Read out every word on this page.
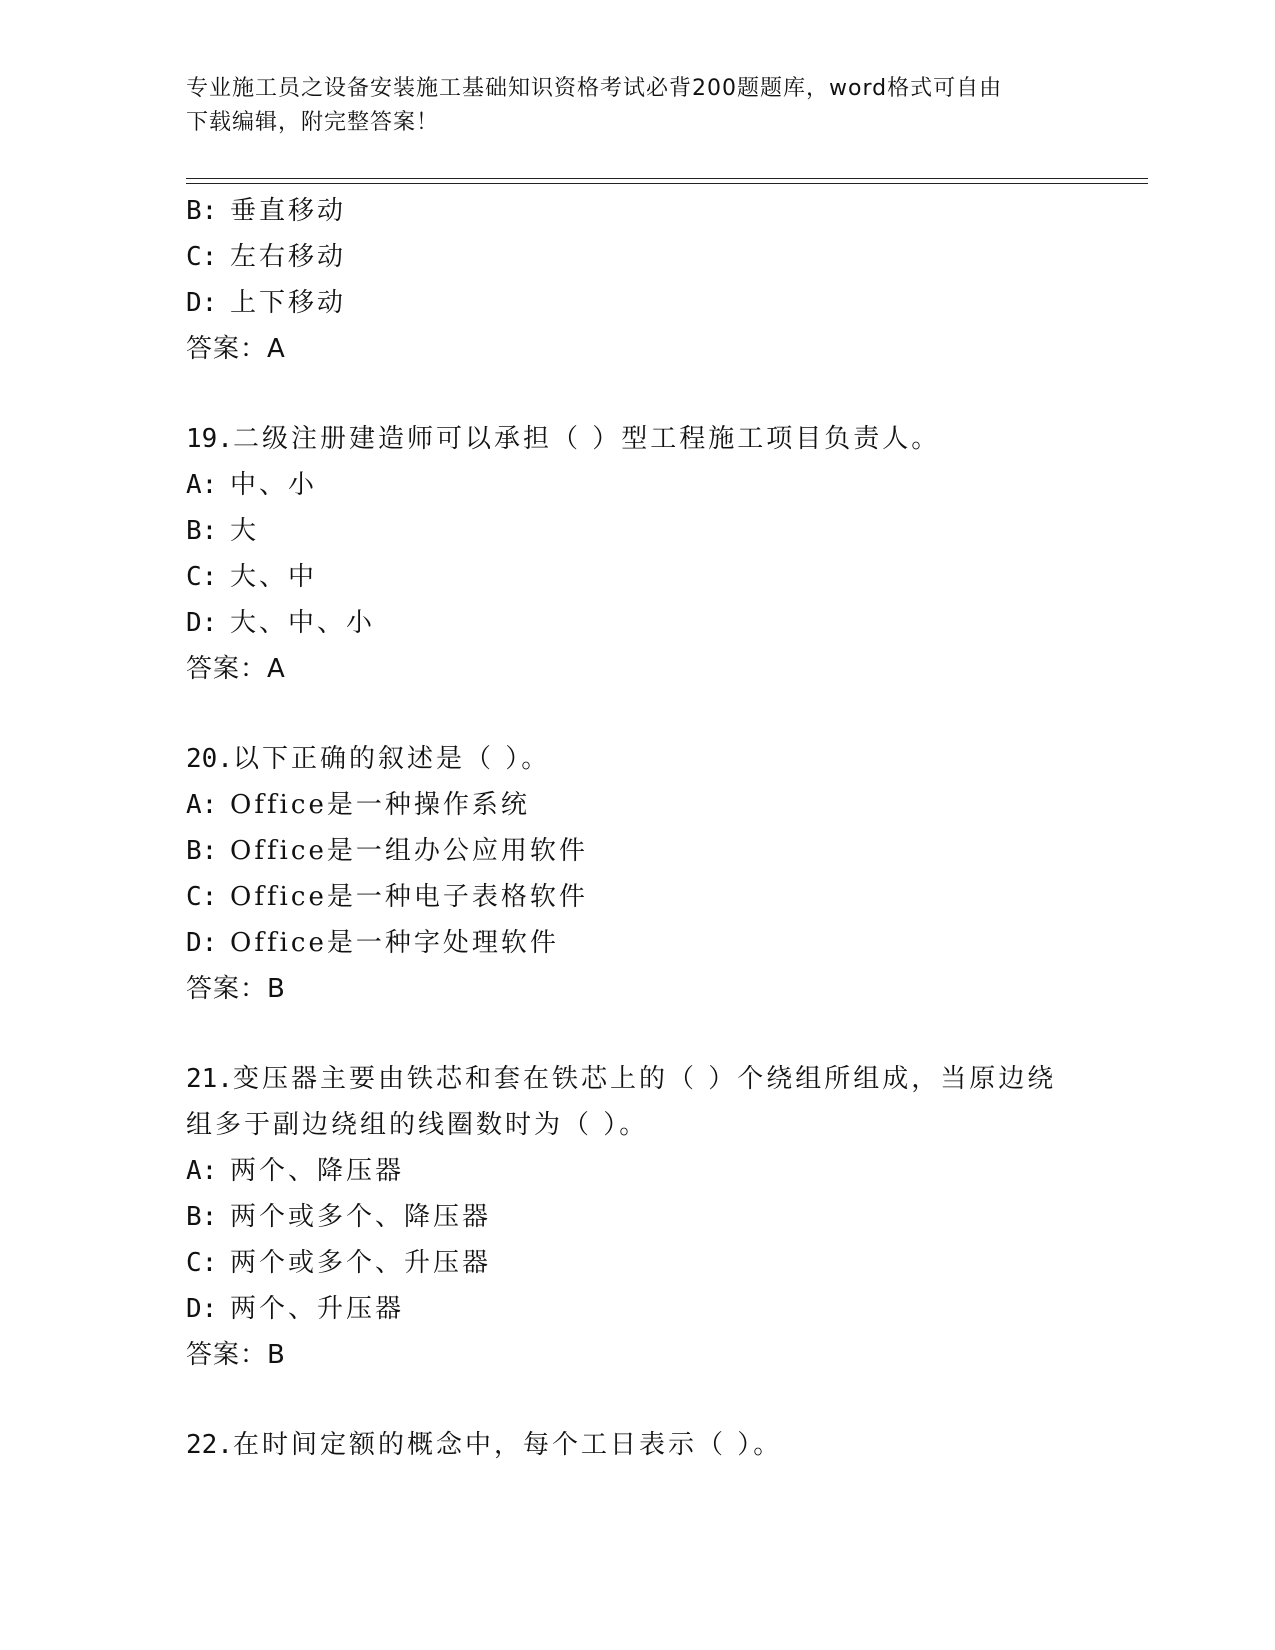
专业施工员之设备安装施工基础知识资格考试必背200题题库，word格式可自由
下载编辑，附完整答案！
B: 垂直移动
C: 左右移动
D: 上下移动
答案：A
19.二级注册建造师可以承担（ ）型工程施工项目负责人。
A: 中、小
B: 大
C: 大、中
D: 大、中、小
答案：A
20.以下正确的叙述是（ ）。
A: Office是一种操作系统
B: Office是一组办公应用软件
C: Office是一种电子表格软件
D: Office是一种字处理软件
答案：B
21.变压器主要由铁芯和套在铁芯上的（ ）个绕组所组成，当原边绕
组多于副边绕组的线圈数时为（ ）。
A: 两个、降压器
B: 两个或多个、降压器
C: 两个或多个、升压器
D: 两个、升压器
答案：B
22.在时间定额的概念中，每个工日表示（ ）。
